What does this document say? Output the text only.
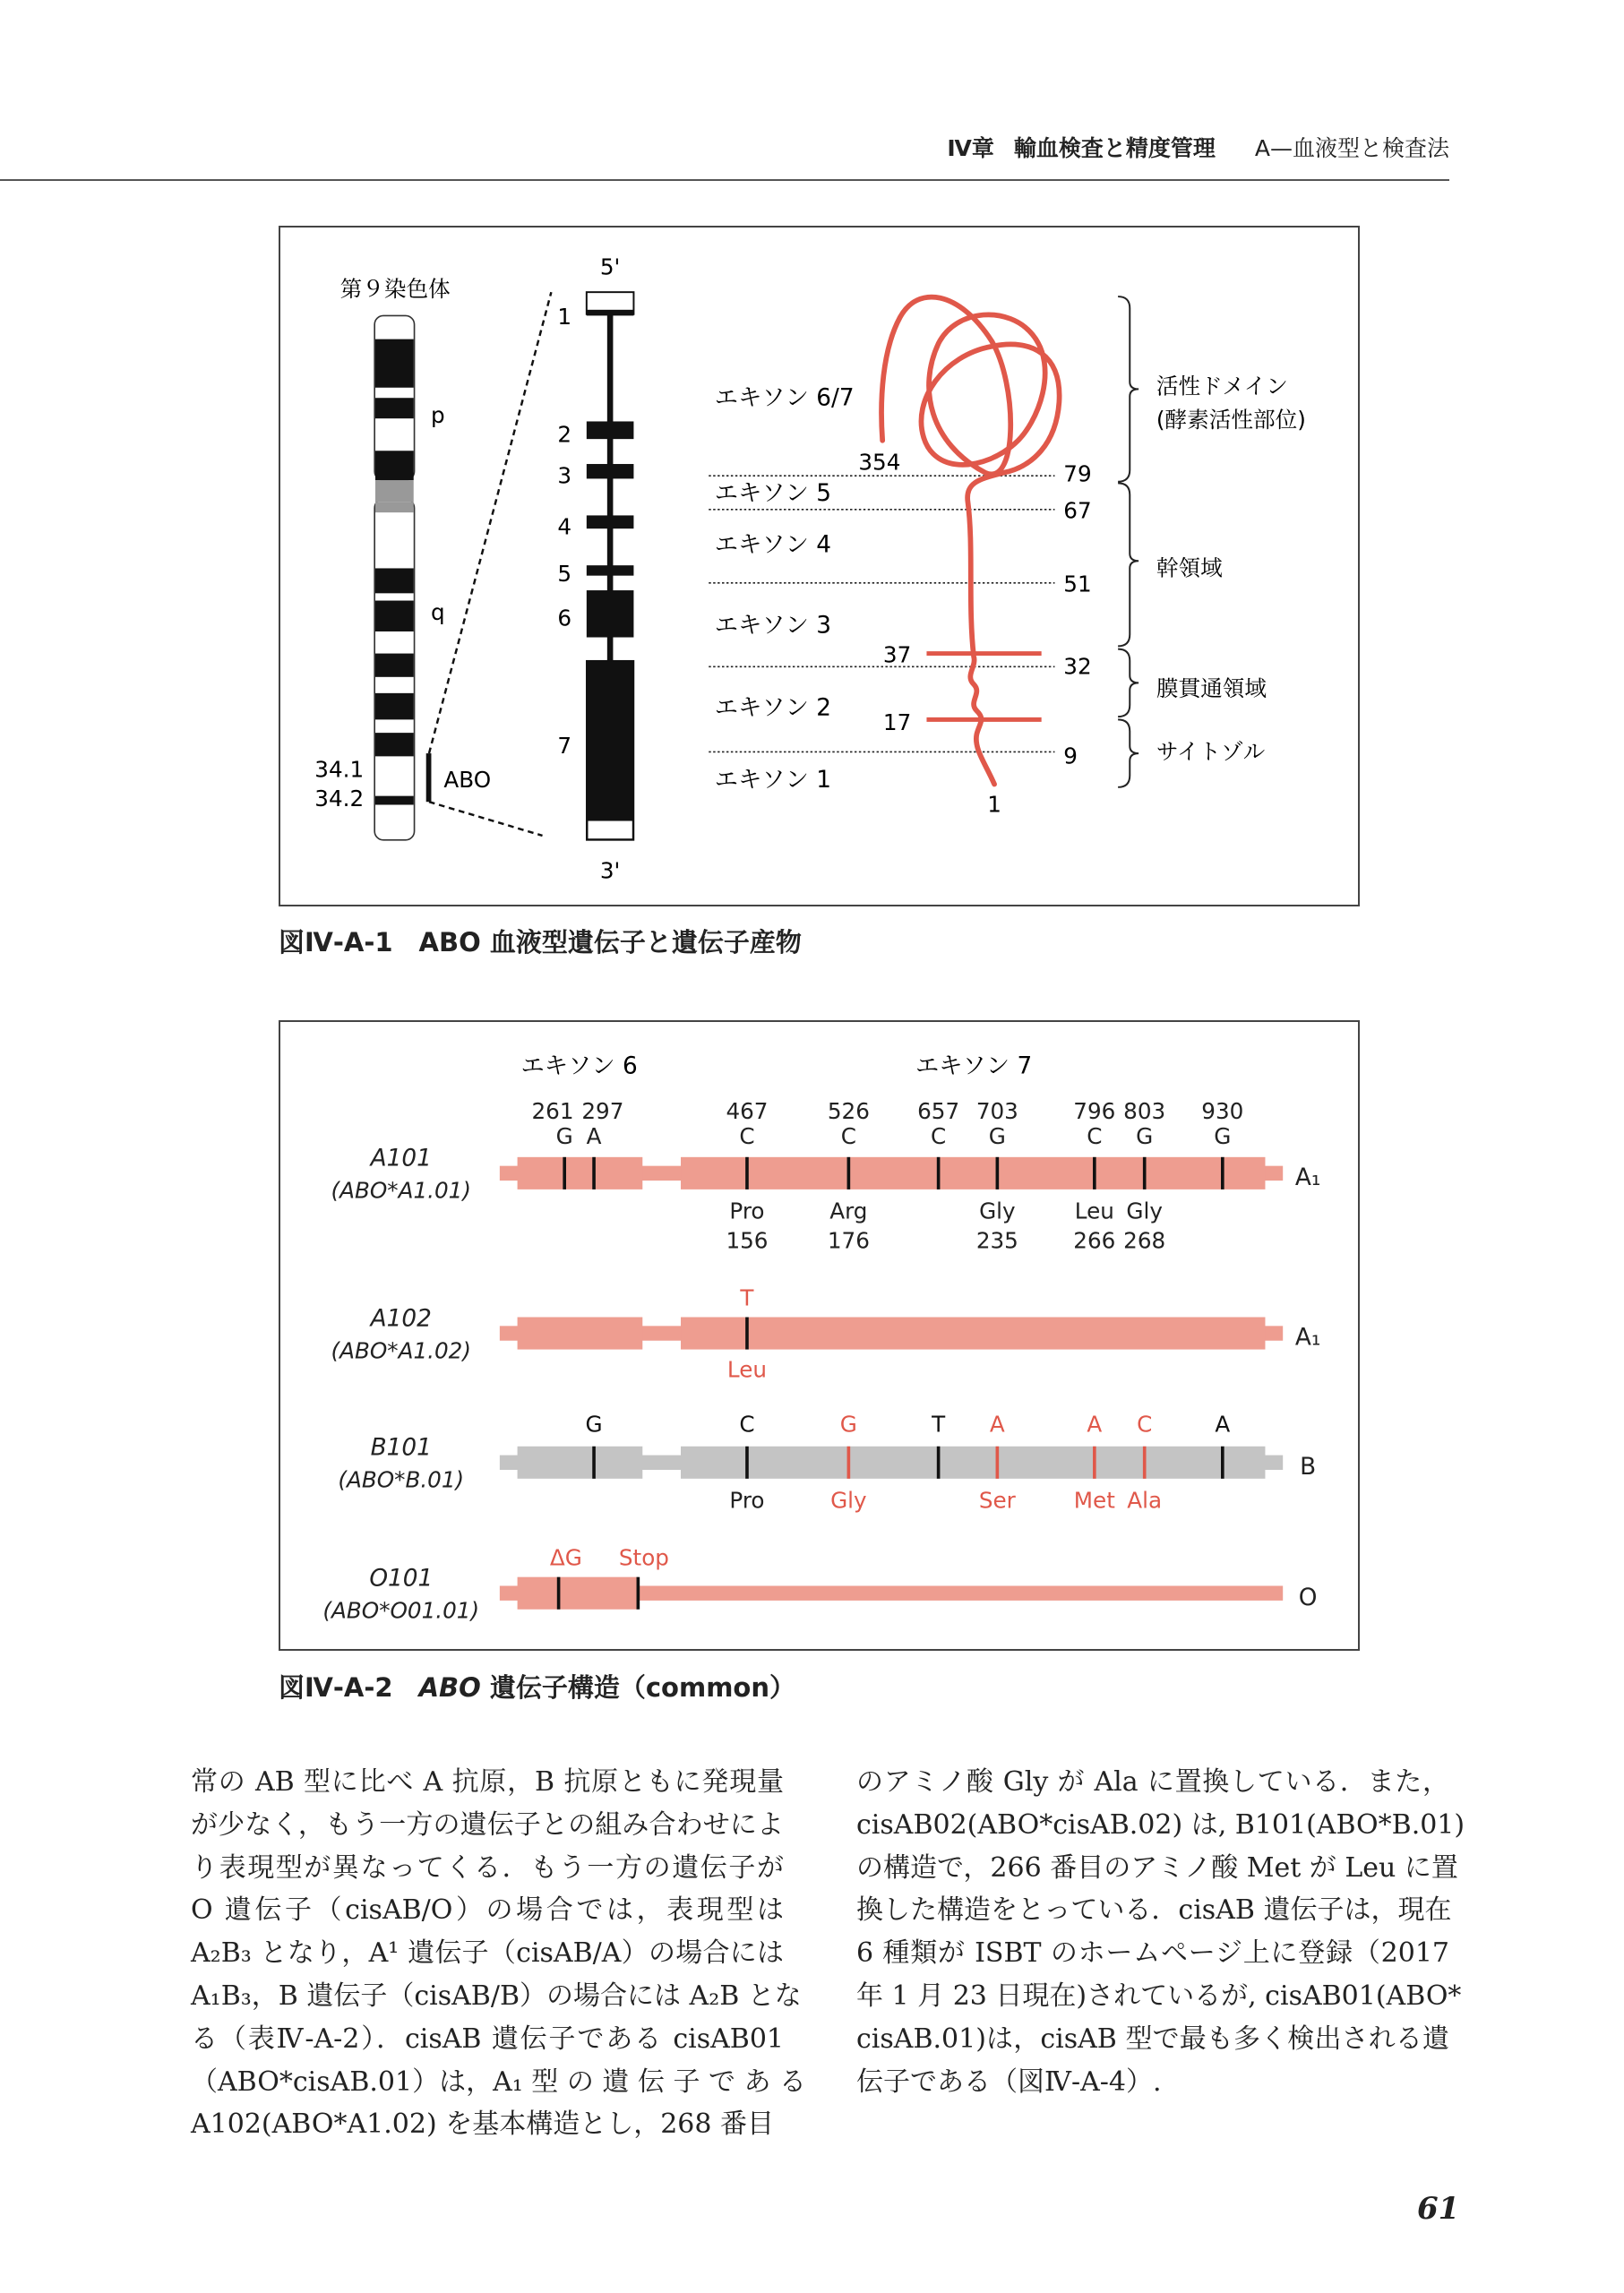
Ⅳ章 輸血検査と精度管理 A—血液型と検査法
第９染色体
p
q
34.1
34.2
ABO
5'
3'
1
2
3
4
5
6
7
エキソン 6/7
エキソン 5
エキソン 4
エキソン 3
エキソン 2
エキソン 1
79
67
51
32
9
354
37
17
1
活性ドメイン
(酵素活性部位)
幹領域
膜貫通領域
サイトゾル
図Ⅳ-A-1　ABO 血液型遺伝子と遺伝子産物
エキソン 6	エキソン 7
A101
(ABO*A1.01)	A₁
261
G
297
A
467
C
526
C
657
C
703
G
796
C
803
G
930
G
Pro
156
Arg
176
Gly
235
Leu
266
Gly
268
A102
(ABO*A1.02)	A₁
T
Leu
B101
(ABO*B.01)	B
G	C	G	T	A	A	C	A
Pro	Gly	Ser	Met Ala
O101
(ABO*O01.01)	O
ΔG	Stop
図Ⅳ-A-2　ABO 遺伝子構造（common）
常の AB 型に比べ A 抗原，B 抗原ともに発現量
が少なく，もう一方の遺伝子との組み合わせによ
り表現型が異なってくる．もう一方の遺伝子が
O 遺伝子（cisAB/O）の場合では，表現型は
A₂B₃ となり，A¹ 遺伝子（cisAB/A）の場合には
A₁B₃，B 遺伝子（cisAB/B）の場合には A₂B とな
る（表Ⅳ-A-2）．cisAB 遺伝子である cisAB01
（ABO*cisAB.01）は，A₁ 型 の 遺 伝 子 で あ る
A102(ABO*A1.02) を基本構造とし，268 番目
のアミノ酸 Gly が Ala に置換している．また，
cisAB02(ABO*cisAB.02) は, B101(ABO*B.01)
の構造で，266 番目のアミノ酸 Met が Leu に置
換した構造をとっている．cisAB 遺伝子は，現在
6 種類が ISBT のホームページ上に登録（2017
年 1 月 23 日現在)されているが, cisAB01(ABO*
cisAB.01)は，cisAB 型で最も多く検出される遺
伝子である（図Ⅳ-A-4）.
61
